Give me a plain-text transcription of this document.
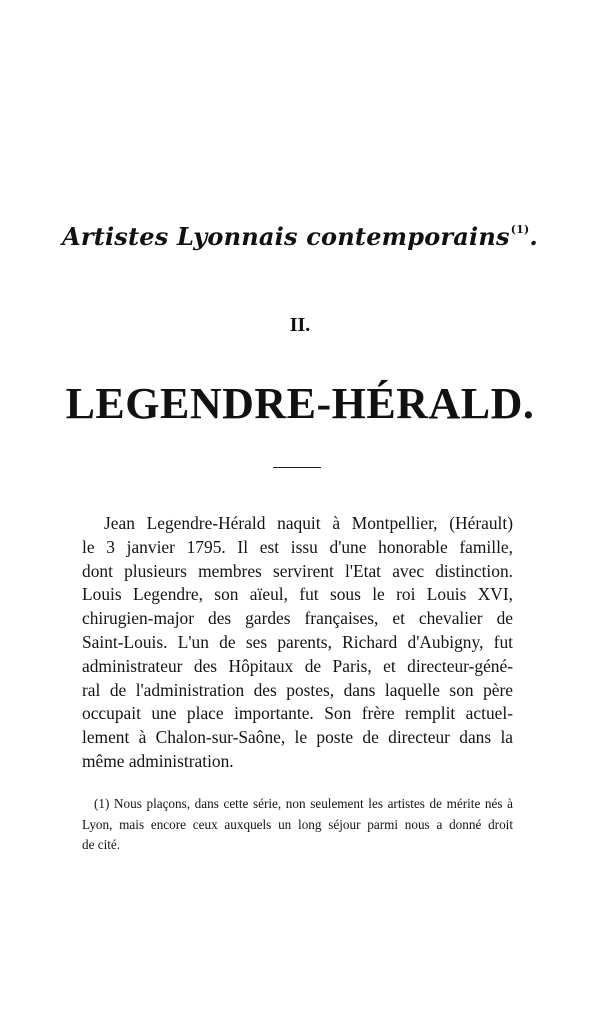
Artistes Lyonnais contemporains$^{(1)}$.
II.
LEGENDRE-HÉRALD.
Jean Legendre-Hérald naquit à Montpellier, (Hérault)
le 3 janvier 1795. Il est issu d'une honorable famille,
dont plusieurs membres servirent l'Etat avec distinction.
Louis Legendre, son aïeul, fut sous le roi Louis XVI,
chirugien-major des gardes françaises, et chevalier de
Saint-Louis. L'un de ses parents, Richard d'Aubigny, fut
administrateur des Hôpitaux de Paris, et directeur-géné-
ral de l'administration des postes, dans laquelle son père
occupait une place importante. Son frère remplit actuel-
lement à Chalon-sur-Saône, le poste de directeur dans la
même administration.
(1) Nous plaçons, dans cette série, non seulement les artistes de mérite nés à
Lyon, mais encore ceux auxquels un long séjour parmi nous a donné droit
de cité.
